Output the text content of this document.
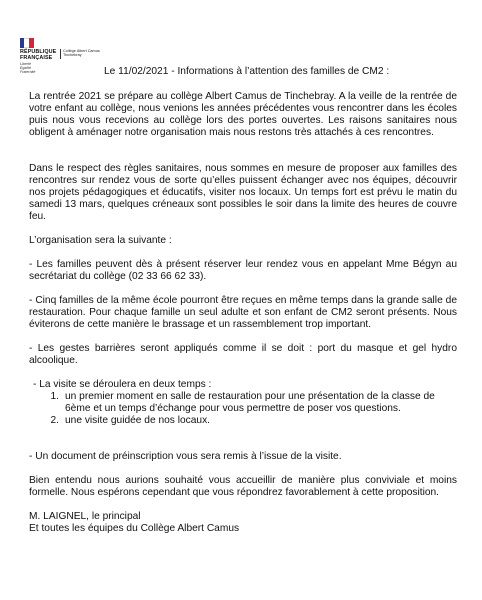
RÉPUBLIQUE
FRANÇAISE
Liberté
Égalité
Fraternité
Collège Albert Camus
Tinchebray
Le 11/02/2021 - Informations à l’attention des familles de CM2 :
La rentrée 2021 se prépare au collège Albert Camus de Tinchebray. A la veille de la rentrée de votre enfant au collège, nous venions les années précédentes vous rencontrer dans les écoles puis nous vous recevions au collège lors des portes ouvertes. Les raisons sanitaires nous obligent à aménager notre organisation mais nous restons très attachés à ces rencontres.
Dans le respect des règles sanitaires, nous sommes en mesure de proposer aux familles des rencontres sur rendez vous de sorte qu’elles puissent échanger avec nos équipes, découvrir nos projets pédagogiques et éducatifs, visiter nos locaux. Un temps fort est prévu le matin du samedi 13 mars, quelques créneaux sont possibles le soir dans la limite des heures de couvre feu.
L’organisation sera la suivante :
- Les familles peuvent dès à présent réserver leur rendez vous en appelant Mme Bégyn au secrétariat du collège (02 33 66 62 33).
- Cinq familles de la même école pourront être reçues en même temps dans la grande salle de restauration. Pour chaque famille un seul adulte et son enfant de CM2 seront présents. Nous éviterons de cette manière le brassage et un rassemblement trop important.
- Les gestes barrières seront appliqués comme il se doit : port du masque et gel hydro alcoolique.
- La visite se déroulera en deux temps :
1. un premier moment en salle de restauration pour une présentation de la classe de 6ème et un temps d’échange pour vous permettre de poser vos questions.
2. une visite guidée de nos locaux.
- Un document de préinscription vous sera remis à l’issue de la visite.
Bien entendu nous aurions souhaité vous accueillir de manière plus conviviale et moins formelle. Nous espérons cependant que vous répondrez favorablement à cette proposition.
M. LAIGNEL, le principal
Et toutes les équipes du Collège Albert Camus
